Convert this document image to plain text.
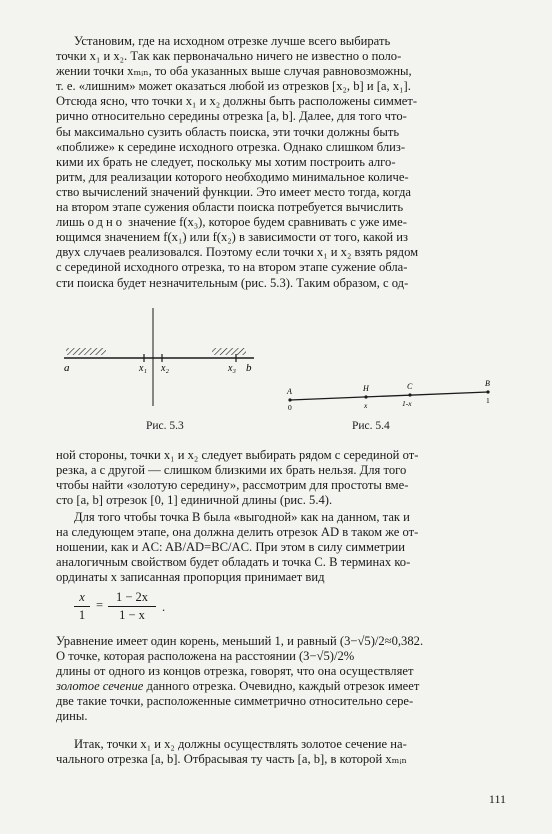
Установим, где на исходном отрезке лучше всего выбирать

точки x₁ и x₂. Так как первоначально ничего не известно о поло-

жении точки xₘᵢₙ, то оба указанных выше случая равновозможны,

т. е. «лишним» может оказаться любой из отрезков [x₂, b] и [a, x₁].

Отсюда ясно, что точки x₁ и x₂ должны быть расположены симмет-

рично относительно середины отрезка [a, b]. Далее, для того что-

бы максимально сузить область поиска, эти точки должны быть

«поближе» к середине исходного отрезка. Однако слишком близ-

кими их брать не следует, поскольку мы хотим построить алго-

ритм, для реализации которого необходимо минимальное количе-

ство вычислений значений функции. Это имеет место тогда, когда

на втором этапе сужения области поиска потребуется вычислить

лишь одно значение f(x₃), которое будем сравнивать с уже име-

ющимся значением f(x₁) или f(x₂) в зависимости от того, какой из

двух случаев реализовался. Поэтому если точки x₁ и x₂ взять рядом

с серединой исходного отрезка, то на втором этапе сужение обла-

сти поиска будет незначительным (рис. 5.3). Таким образом, с од-

a	x₁ x₂	x₃ b
A	H	C	B
0	x	1-x	1
Рис. 5.3	Рис. 5.4

ной стороны, точки x₁ и x₂ следует выбирать рядом с серединой от-

резка, а с другой — слишком близкими их брать нельзя. Для того

чтобы найти «золотую середину», рассмотрим для простоты вме-

сто [a, b] отрезок [0, 1] единичной длины (рис. 5.4).

Для того чтобы точка B была «выгодной» как на данном, так и

на следующем этапе, она должна делить отрезок AD в таком же от-

ношении, как и AC: AB/AD=BC/AC. При этом в силу симметрии

аналогичным свойством будет обладать и точка C. В терминах ко-

ординаты x записанная пропорция принимает вид

x
1
=
1 − 2x
1 − x
.

Уравнение имеет один корень, меньший 1, и равный (3−√5)/2≈0,382.

О точке, которая расположена на расстоянии (3−√5)/2%

длины от одного из концов отрезка, говорят, что она осуществляет

золотое сечение данного отрезка. Очевидно, каждый отрезок имеет

две такие точки, расположенные симметрично относительно сере-

дины.

Итак, точки x₁ и x₂ должны осуществлять золотое сечение на-

чального отрезка [a, b]. Отбрасывая ту часть [a, b], в которой xₘᵢₙ

111
